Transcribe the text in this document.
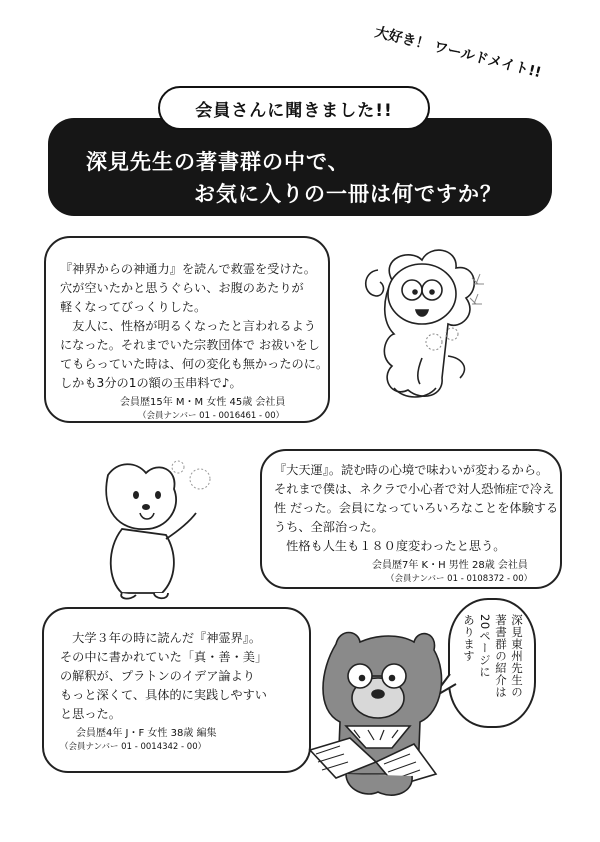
大好き！ ワールドメイト!!
会員さんに聞きました!!
深見先生の著書群の中で、
お気に入りの一冊は何ですか？

『神界からの神通力』を読んで救霊を受けた。

穴が空いたかと思うぐらい、お腹のあたりが

軽くなってびっくりした。

　友人に、性格が明るくなったと言われるよう

になった。それまでいた宗教団体で お祓いをし

てもらっていた時は、何の変化も無かったのに。

しかも3分の1の額の玉串料で♪。

会員歴15年 M・M 女性 45歳 会社員

（会員ナンバー 01 - 0016461 - 00）

『大天運』。読む時の心境で味わいが変わるから。

それまで僕は、ネクラで小心者で対人恐怖症で冷え

性 だった。会員になっていろいろなことを体験する

うち、全部治った。

　性格も人生も１８０度変わったと思う。

会員歴7年 K・H 男性 28歳 会社員

（会員ナンバー 01 - 0108372 - 00）

　大学３年の時に読んだ『神霊界』。

その中に書かれていた「真・善・美」

の解釈が、プラトンのイデア論より

もっと深くて、具体的に実践しやすい

と思った。

会員歴4年 J・F 女性 38歳 編集

（会員ナンバー 01 - 0014342 - 00）

深見東州先生の
著書群の紹介は
20ページに
あります
